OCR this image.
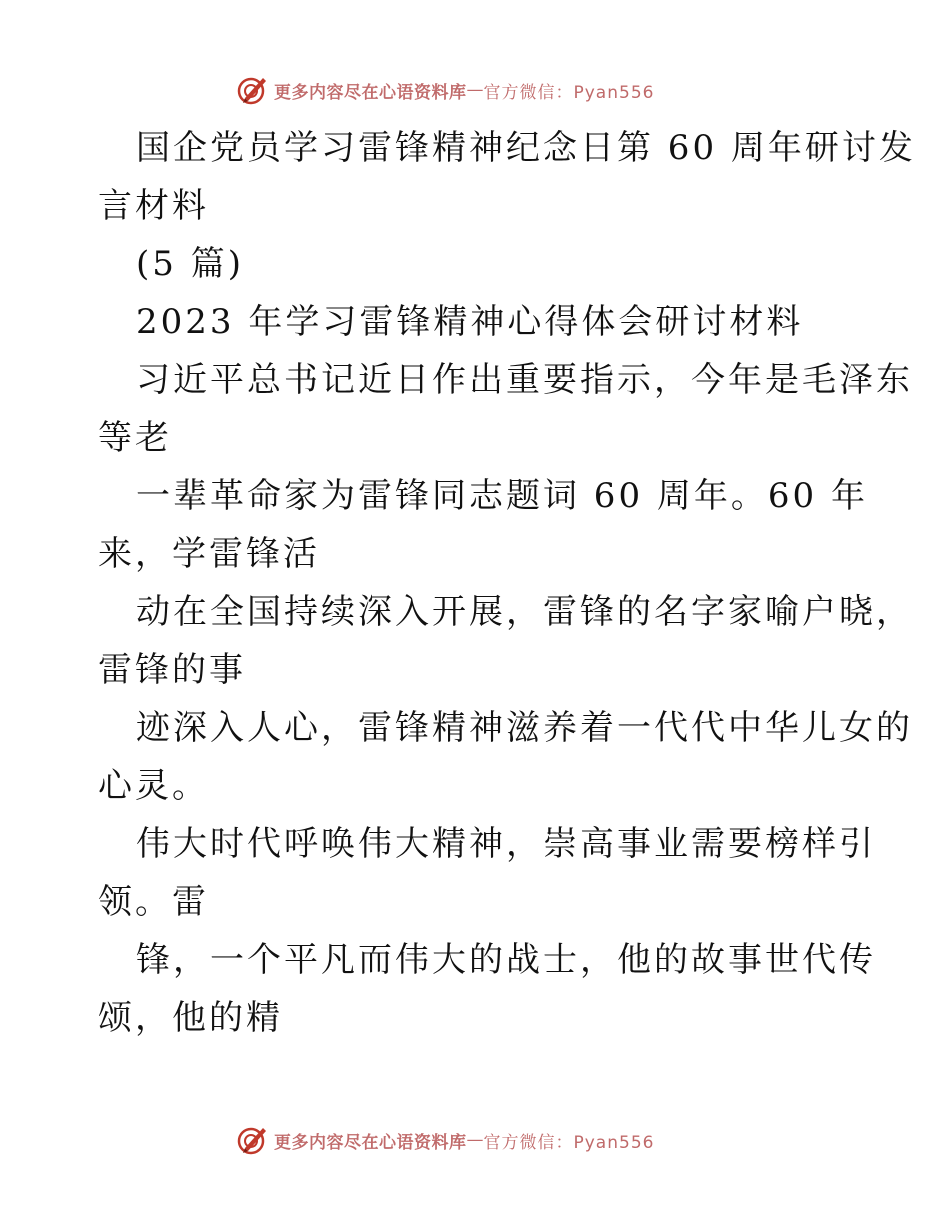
更多内容尽在心语资料库 — 官方微信：Pyan556
国企党员学习雷锋精神纪念日第 60 周年研讨发
言材料
(5 篇)
2023 年学习雷锋精神心得体会研讨材料
习近平总书记近日作出重要指示，今年是毛泽东
等老
一辈革命家为雷锋同志题词 60 周年。60 年
来，学雷锋活
动在全国持续深入开展，雷锋的名字家喻户晓，
雷锋的事
迹深入人心，雷锋精神滋养着一代代中华儿女的
心灵。
伟大时代呼唤伟大精神，崇高事业需要榜样引
领。雷
锋，一个平凡而伟大的战士，他的故事世代传
颂，他的精
更多内容尽在心语资料库 — 官方微信：Pyan556
